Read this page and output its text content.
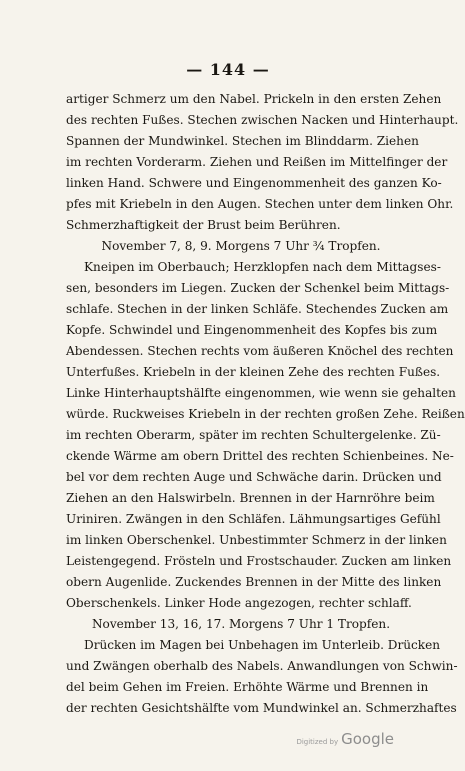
— 144 —
artiger Schmerz um den Nabel. Prickeln in den ersten Zehen
des rechten Fußes. Stechen zwischen Nacken und Hinterhaupt.
Spannen der Mundwinkel. Stechen im Blinddarm. Ziehen
im rechten Vorderarm. Ziehen und Reißen im Mittelfinger der
linken Hand. Schwere und Eingenommenheit des ganzen Ko-
pfes mit Kriebeln in den Augen. Stechen unter dem linken Ohr.
Schmerzhaftigkeit der Brust beim Berühren.
November 7, 8, 9. Morgens 7 Uhr ¾ Tropfen.
Kneipen im Oberbauch; Herzklopfen nach dem Mittagses-
sen, besonders im Liegen. Zucken der Schenkel beim Mittags-
schlafe. Stechen in der linken Schläfe. Stechendes Zucken am
Kopfe. Schwindel und Eingenommenheit des Kopfes bis zum
Abendessen. Stechen rechts vom äußeren Knöchel des rechten
Unterfußes. Kriebeln in der kleinen Zehe des rechten Fußes.
Linke Hinterhauptshälfte eingenommen, wie wenn sie gehalten
würde. Ruckweises Kriebeln in der rechten großen Zehe. Reißen
im rechten Oberarm, später im rechten Schultergelenke. Zü-
ckende Wärme am obern Drittel des rechten Schienbeines. Ne-
bel vor dem rechten Auge und Schwäche darin. Drücken und
Ziehen an den Halswirbeln. Brennen in der Harnröhre beim
Uriniren. Zwängen in den Schläfen. Lähmungsartiges Gefühl
im linken Oberschenkel. Unbestimmter Schmerz in der linken
Leistengegend. Frösteln und Frostschauder. Zucken am linken
obern Augenlide. Zuckendes Brennen in der Mitte des linken
Oberschenkels. Linker Hode angezogen, rechter schlaff.
November 13, 16, 17. Morgens 7 Uhr 1 Tropfen.
Drücken im Magen bei Unbehagen im Unterleib. Drücken
und Zwängen oberhalb des Nabels. Anwandlungen von Schwin-
del beim Gehen im Freien. Erhöhte Wärme und Brennen in
der rechten Gesichtshälfte vom Mundwinkel an. Schmerzhaftes
Digitized by Google
